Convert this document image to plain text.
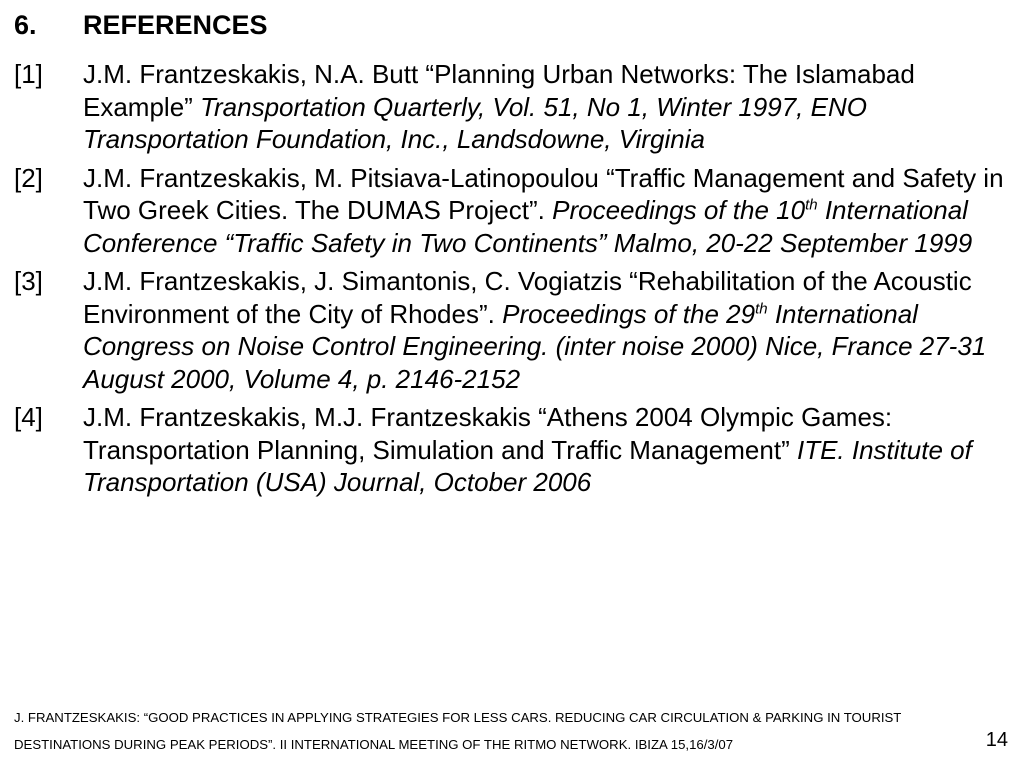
6. REFERENCES
[1] J.M. Frantzeskakis, N.A. Butt “Planning Urban Networks: The Islamabad Example” Transportation Quarterly, Vol. 51, No 1, Winter 1997, ENO Transportation Foundation, Inc., Landsdowne, Virginia
[2] J.M. Frantzeskakis, M. Pitsiava-Latinopoulou “Traffic Management and Safety in Two Greek Cities. The DUMAS Project”. Proceedings of the 10th International Conference “Traffic Safety in Two Continents” Malmo, 20-22 September 1999
[3] J.M. Frantzeskakis, J. Simantonis, C. Vogiatzis “Rehabilitation of the Acoustic Environment of the City of Rhodes”. Proceedings of the 29th International Congress on Noise Control Engineering. (inter noise 2000) Nice, France 27-31 August 2000, Volume 4, p. 2146-2152
[4] J.M. Frantzeskakis, M.J. Frantzeskakis “Athens 2004 Olympic Games: Transportation Planning, Simulation and Traffic Management” ITE. Institute of Transportation (USA) Journal, October 2006
J. FRANTZESKAKIS: “GOOD PRACTICES IN APPLYING STRATEGIES FOR LESS CARS. REDUCING CAR CIRCULATION & PARKING IN TOURIST DESTINATIONS DURING PEAK PERIODS”. II INTERNATIONAL MEETING OF THE RITMO NETWORK. IBIZA 15,16/3/07	14
